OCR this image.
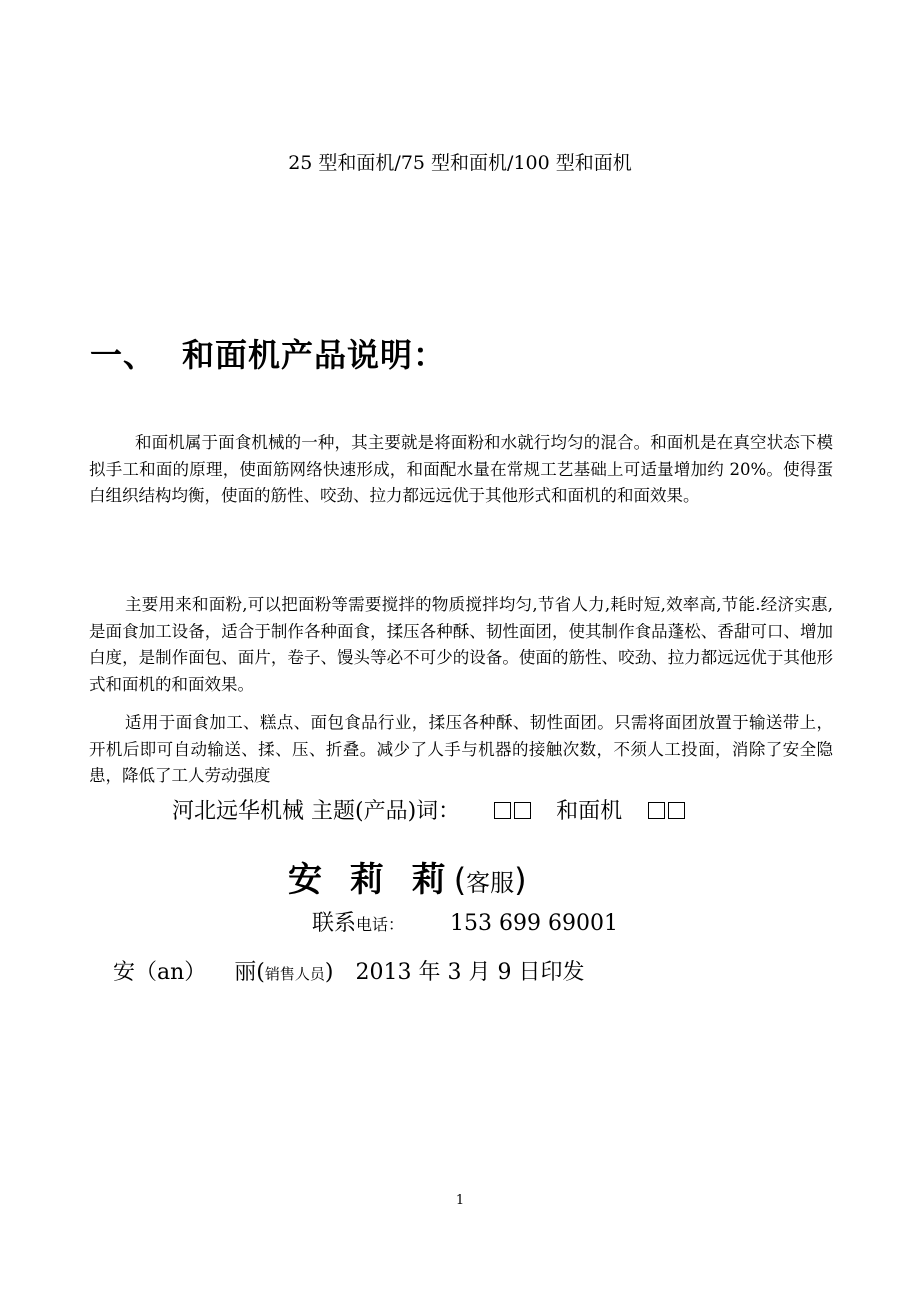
25 型和面机/75 型和面机/100 型和面机
一、 和面机产品说明：
和面机属于面食机械的一种，其主要就是将面粉和水就行均匀的混合。和面机是在真空状态下模拟手工和面的原理，使面筋网络快速形成，和面配水量在常规工艺基础上可适量增加约 20%。使得蛋白组织结构均衡，使面的筋性、咬劲、拉力都远远优于其他形式和面机的和面效果。
主要用来和面粉,可以把面粉等需要搅拌的物质搅拌均匀,节省人力,耗时短,效率高,节能.经济实惠,是面食加工设备，适合于制作各种面食，揉压各种酥、韧性面团，使其制作食品蓬松、香甜可口、增加白度，是制作面包、面片，卷子、馒头等必不可少的设备。使面的筋性、咬劲、拉力都远远优于其他形式和面机的和面效果。
适用于面食加工、糕点、面包食品行业，揉压各种酥、韧性面团。只需将面团放置于输送带上，开机后即可自动输送、揉、压、折叠。减少了人手与机器的接触次数，不须人工投面，消除了安全隐患，降低了工人劳动强度
河北远华机械 主题(产品)词：	和面机
安 莉 莉(客服)
联系电话： 153 699 69001
安（an） 丽(销售人员) 2013 年 3 月 9 日印发
1
